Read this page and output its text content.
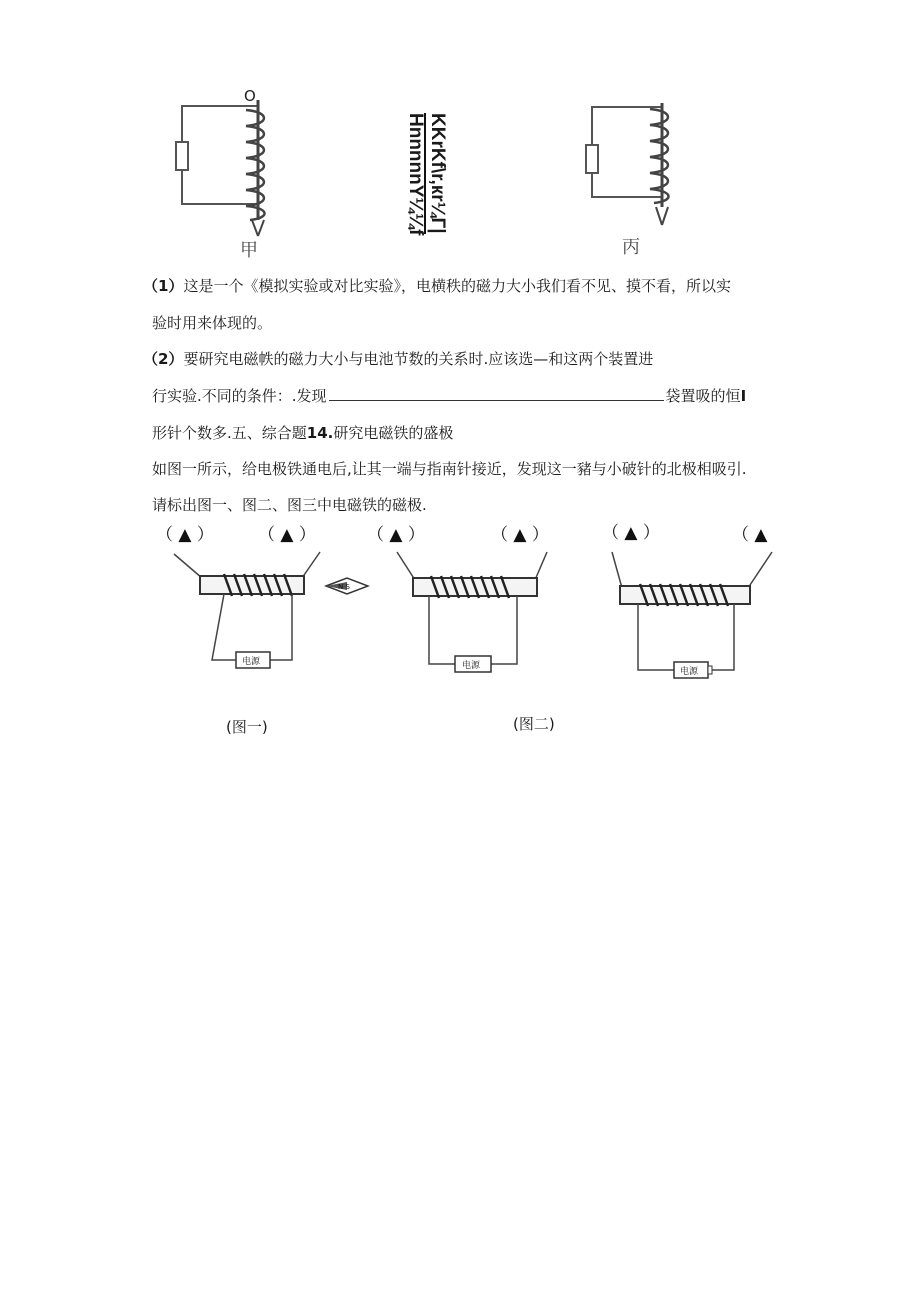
O
甲
KKrKf\r,кr¼Г|
HnnnnnY¼¼f
丙
（1）这是一个《模拟实验或对比实验》，电横秩的磁力大小我们看不见、摸不看，所以实
验时用来体现的。
（2）要研究电磁帙的磁力大小与电池节数的关系时.应该选—和这两个装置进
行实验.不同的条件：.发现	袋置吸的恒I
形针个数多.五、综合题14.研究电磁铁的盛极
如图一所示，给电极铁通电后,让其一端与指南针接近，发现这一豬与小破针的北极相吸引.
请标出图一、图二、图三中电磁铁的磁极.
（ ▲ ）	（ ▲ ）
电源
N S
（ ▲ ）	（ ▲ ）
电源
（ ▲ ）	（ ▲
电源
(图一)	(图二)
